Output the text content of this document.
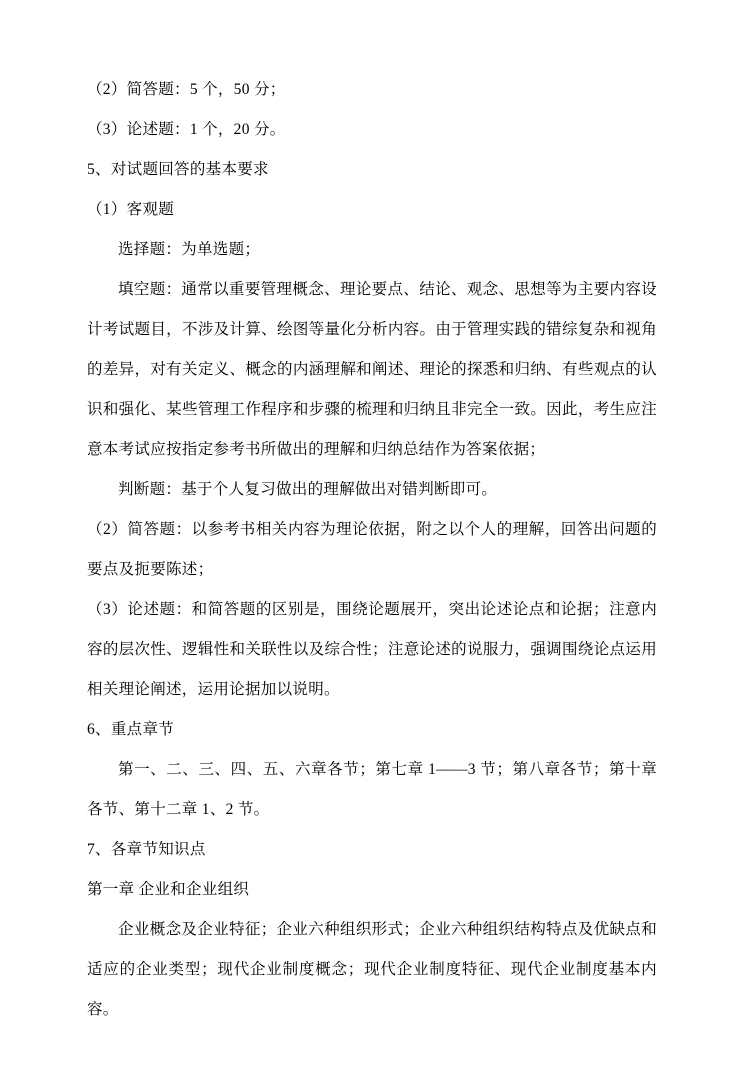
（2）简答题：5 个，50 分；

（3）论述题：1 个，20 分。

5、对试题回答的基本要求

（1）客观题

选择题：为单选题；

填空题：通常以重要管理概念、理论要点、结论、观念、思想等为主要内容设计考试题目，不涉及计算、绘图等量化分析内容。由于管理实践的错综复杂和视角的差异，对有关定义、概念的内涵理解和阐述、理论的探悉和归纳、有些观点的认识和强化、某些管理工作程序和步骤的梳理和归纳且非完全一致。因此，考生应注意本考试应按指定参考书所做出的理解和归纳总结作为答案依据；

判断题：基于个人复习做出的理解做出对错判断即可。

（2）简答题：以参考书相关内容为理论依据，附之以个人的理解，回答出问题的要点及扼要陈述；

（3）论述题：和简答题的区别是，围绕论题展开，突出论述论点和论据；注意内容的层次性、逻辑性和关联性以及综合性；注意论述的说服力，强调围绕论点运用相关理论阐述，运用论据加以说明。

6、重点章节

第一、二、三、四、五、六章各节；第七章 1——3 节；第八章各节；第十章各节、第十二章 1、2 节。

7、各章节知识点

第一章 企业和企业组织

企业概念及企业特征；企业六种组织形式；企业六种组织结构特点及优缺点和适应的企业类型；现代企业制度概念；现代企业制度特征、现代企业制度基本内容。
